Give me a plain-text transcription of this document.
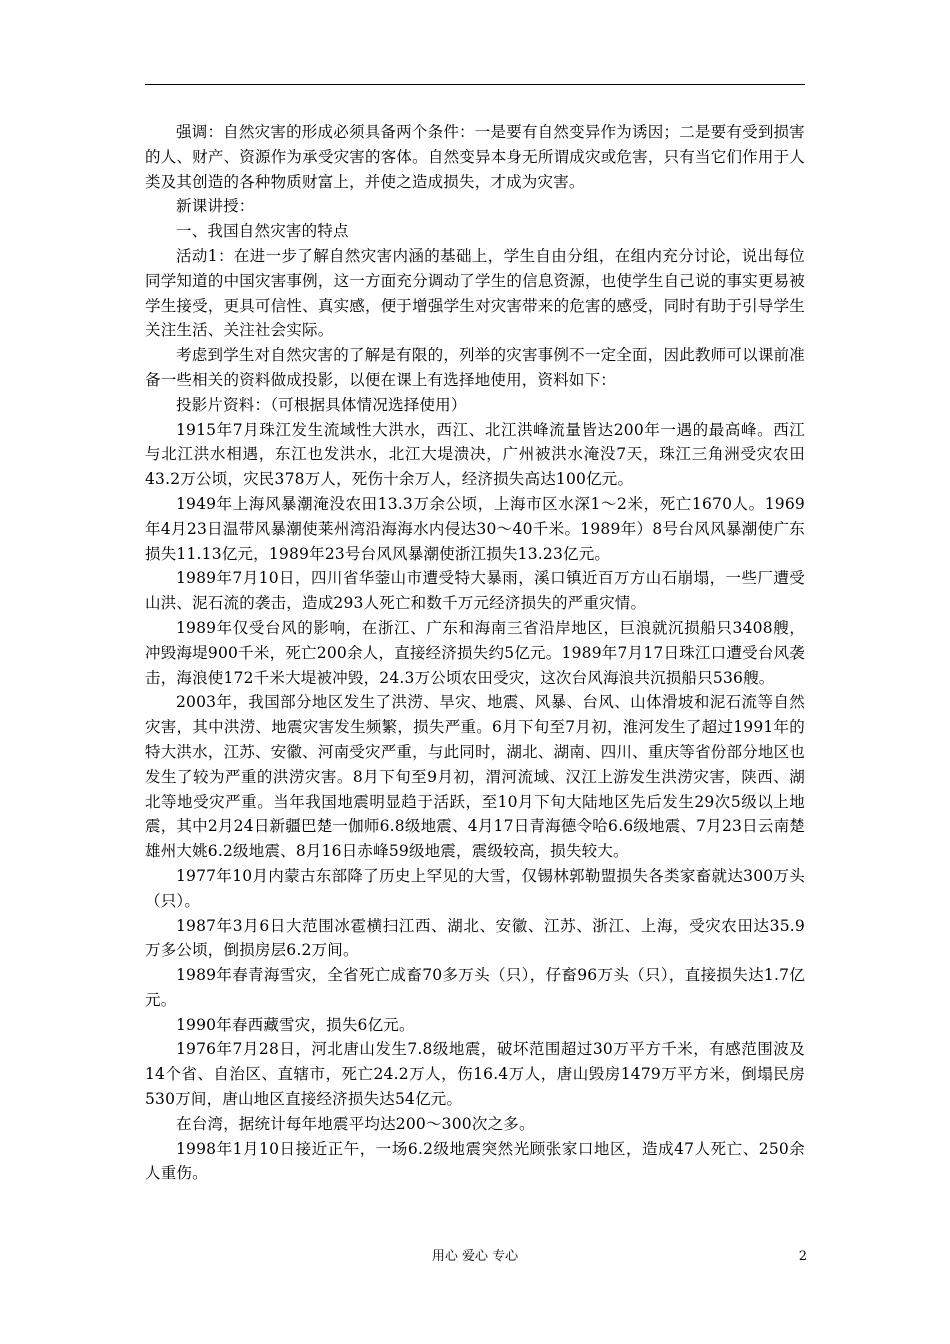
强调：自然灾害的形成必须具备两个条件：一是要有自然变异作为诱因；二是要有受到损害的人、财产、资源作为承受灾害的客体。自然变异本身无所谓成灾或危害，只有当它们作用于人类及其创造的各种物质财富上，并使之造成损失，才成为灾害。

新课讲授：

一、我国自然灾害的特点

活动1：在进一步了解自然灾害内涵的基础上，学生自由分组，在组内充分讨论，说出每位同学知道的中国灾害事例，这一方面充分调动了学生的信息资源，也使学生自己说的事实更易被学生接受，更具可信性、真实感，便于增强学生对灾害带来的危害的感受，同时有助于引导学生关注生活、关注社会实际。

考虑到学生对自然灾害的了解是有限的，列举的灾害事例不一定全面，因此教师可以课前准备一些相关的资料做成投影，以便在课上有选择地使用，资料如下：

投影片资料：（可根据具体情况选择使用）

1915年7月珠江发生流域性大洪水，西江、北江洪峰流量皆达200年一遇的最高峰。西江与北江洪水相遇，东江也发洪水，北江大堤溃决，广州被洪水淹没7天，珠江三角洲受灾农田43.2万公顷，灾民378万人，死伤十余万人，经济损失高达100亿元。

1949年上海风暴潮淹没农田13.3万余公顷，上海市区水深1～2米，死亡1670人。1969年4月23日温带风暴潮使莱州湾沿海海水内侵达30～40千米。1989年）8号台风风暴潮使广东损失11.13亿元，1989年23号台风风暴潮使浙江损失13.23亿元。

1989年7月10日，四川省华蓥山市遭受特大暴雨，溪口镇近百万方山石崩塌，一些厂遭受山洪、泥石流的袭击，造成293人死亡和数千万元经济损失的严重灾情。

1989年仅受台风的影响，在浙江、广东和海南三省沿岸地区，巨浪就沉损船只3408艘，冲毁海堤900千米，死亡200余人，直接经济损失约5亿元。1989年7月17日珠江口遭受台风袭击，海浪使172千米大堤被冲毁，24.3万公顷农田受灾，这次台风海浪共沉损船只536艘。

2003年，我国部分地区发生了洪涝、旱灾、地震、风暴、台风、山体滑坡和泥石流等自然灾害，其中洪涝、地震灾害发生频繁，损失严重。6月下旬至7月初，淮河发生了超过1991年的特大洪水，江苏、安徽、河南受灾严重，与此同时，湖北、湖南、四川、重庆等省份部分地区也发生了较为严重的洪涝灾害。8月下旬至9月初，渭河流域、汉江上游发生洪涝灾害，陕西、湖北等地受灾严重。当年我国地震明显趋于活跃，至10月下旬大陆地区先后发生29次5级以上地震，其中2月24日新疆巴楚一伽师6.8级地震、4月17日青海德令哈6.6级地震、7月23日云南楚雄州大姚6.2级地震、8月16日赤峰59级地震，震级较高，损失较大。

1977年10月内蒙古东部降了历史上罕见的大雪，仅锡林郭勒盟损失各类家畜就达300万头（只）。

1987年3月6日大范围冰雹横扫江西、湖北、安徽、江苏、浙江、上海，受灾农田达35.9万多公顷，倒损房层6.2万间。

1989年春青海雪灾，全省死亡成畜70多万头（只），仔畜96万头（只），直接损失达1.7亿元。

1990年春西藏雪灾，损失6亿元。

1976年7月28日，河北唐山发生7.8级地震，破坏范围超过30万平方千米，有感范围波及14个省、自治区、直辖市，死亡24.2万人，伤16.4万人，唐山毁房1479万平方米，倒塌民房530万间，唐山地区直接经济损失达54亿元。

在台湾，据统计每年地震平均达200～300次之多。

1998年1月10日接近正午，一场6.2级地震突然光顾张家口地区，造成47人死亡、250余人重伤。

用心 爱心 专心	2
